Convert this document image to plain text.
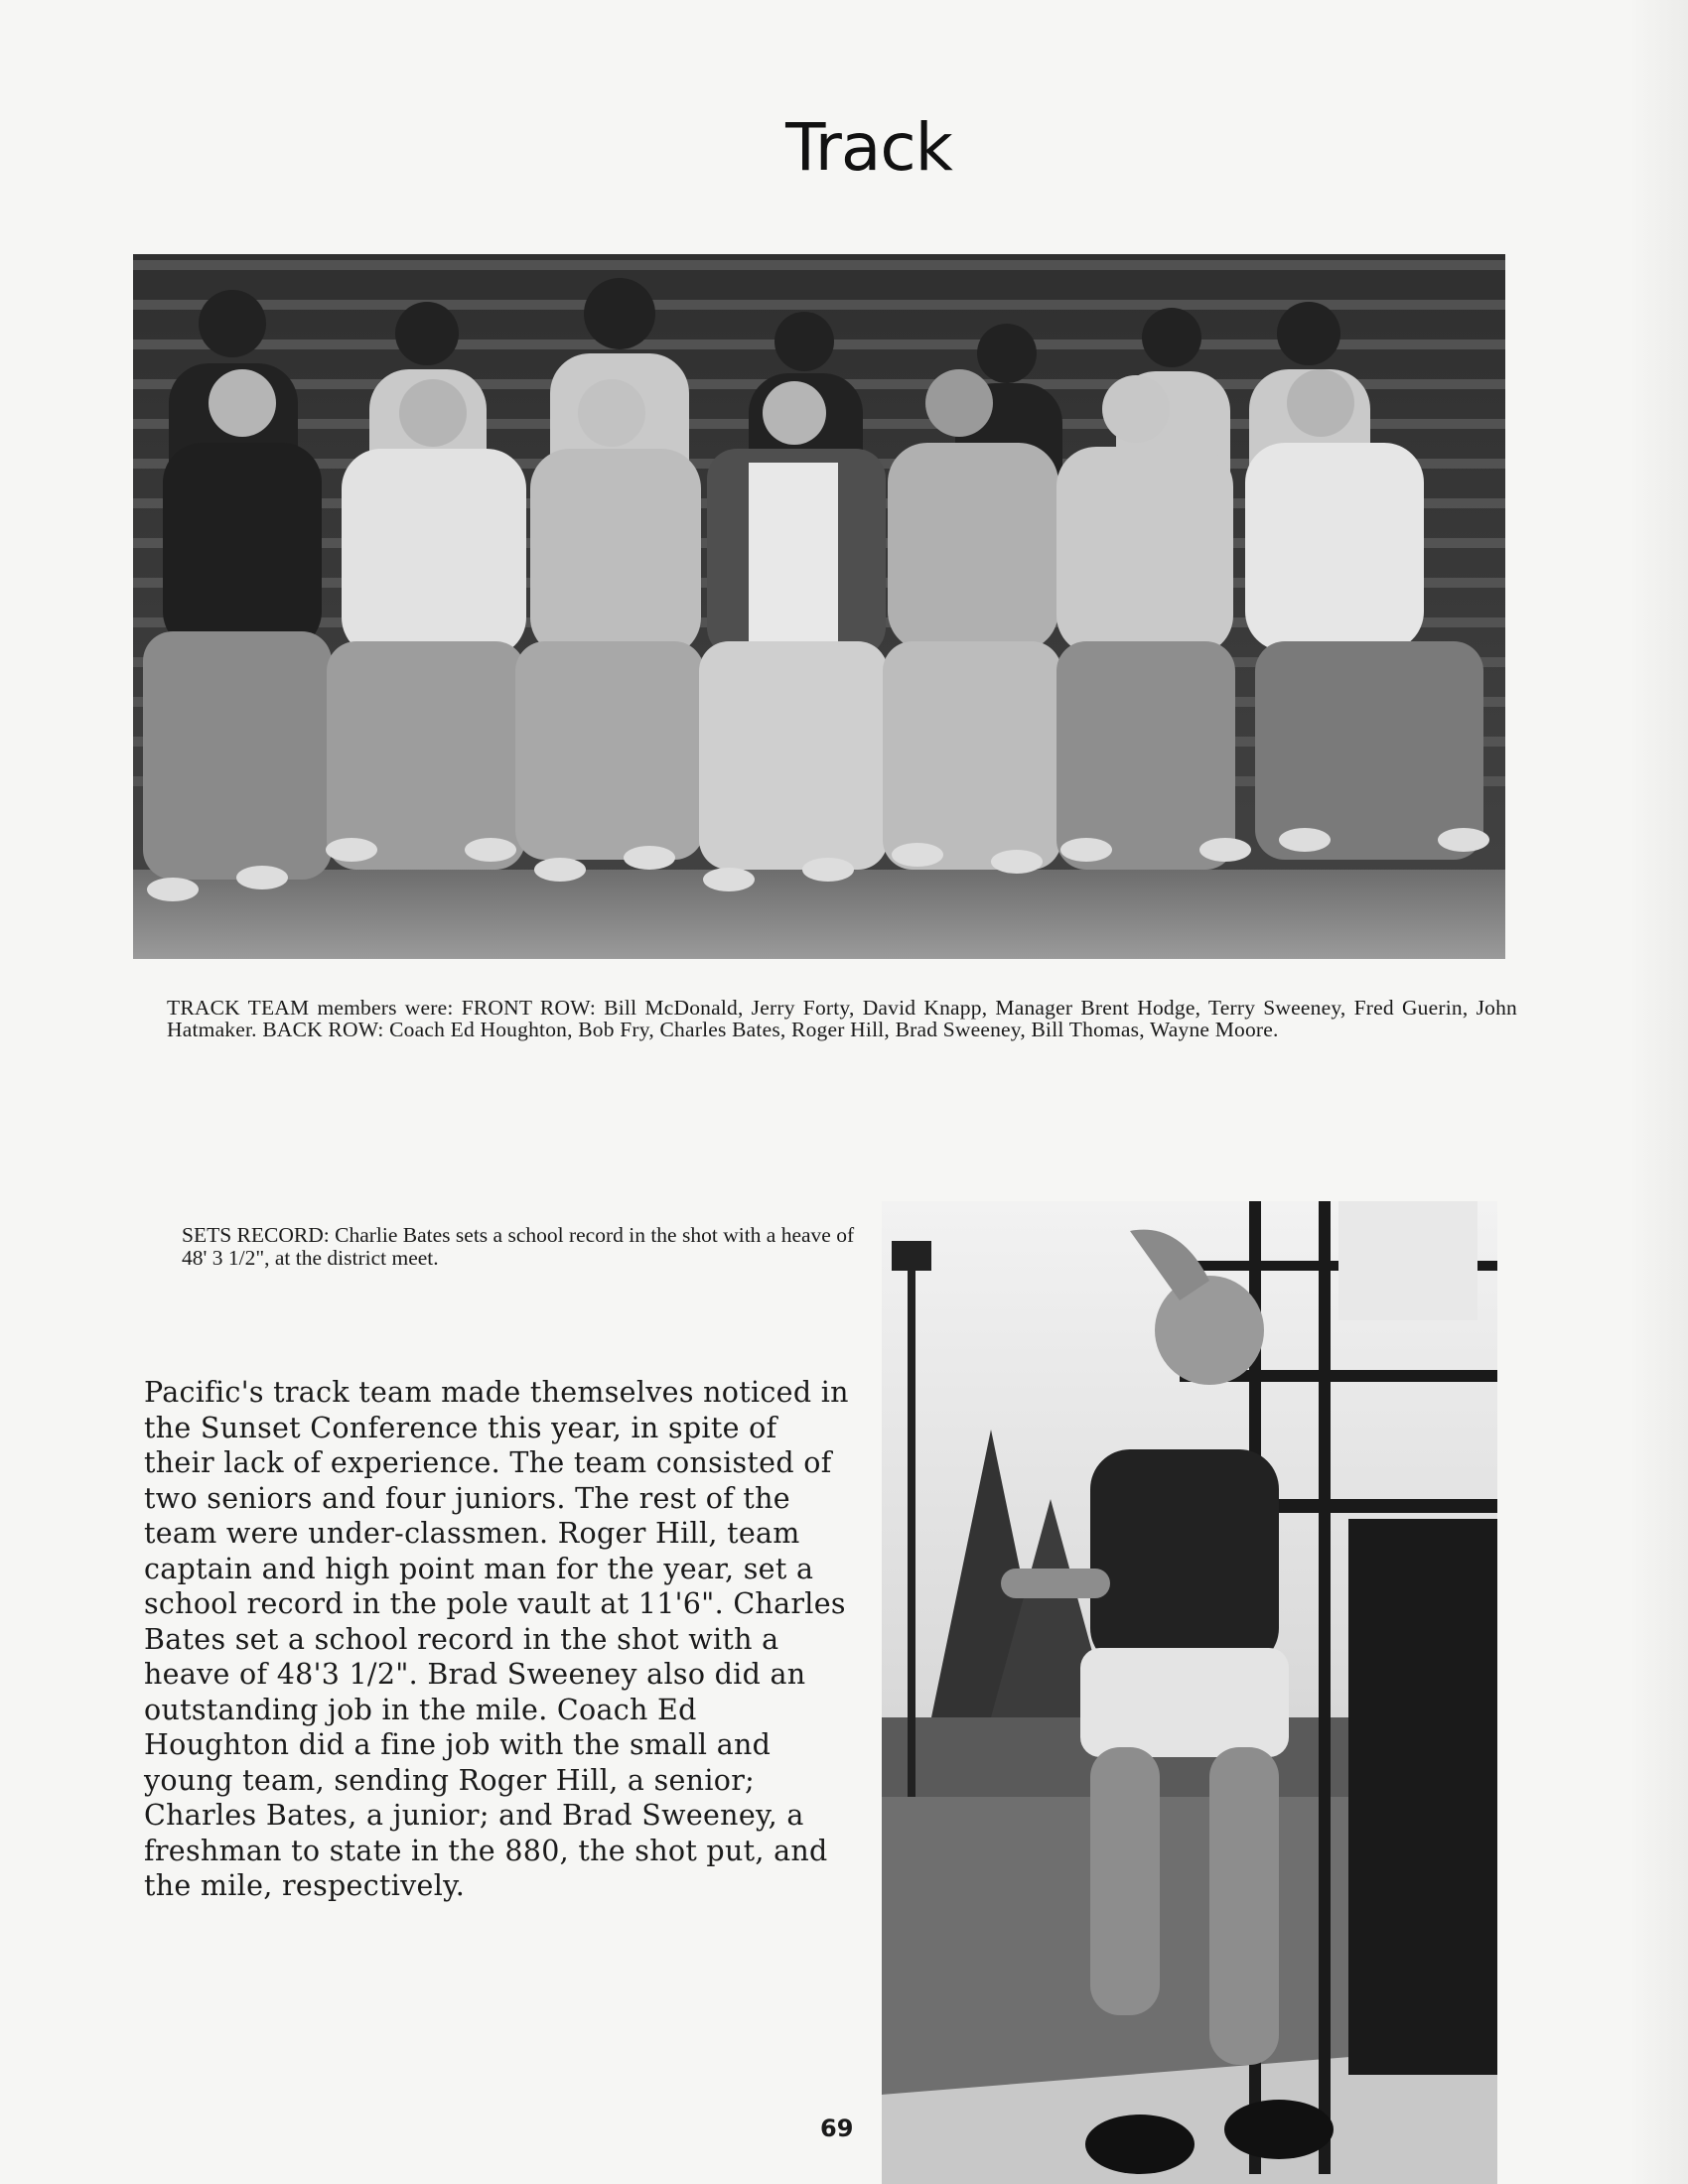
Track
TRACK TEAM members were: FRONT ROW: Bill McDonald, Jerry Forty, David Knapp, Manager Brent Hodge, Terry Sweeney, Fred Guerin, John Hatmaker. BACK ROW: Coach Ed Houghton, Bob Fry, Charles Bates, Roger Hill, Brad Sweeney, Bill Thomas, Wayne Moore.
SETS RECORD: Charlie Bates sets a school record in the shot with a heave of 48' 3 1/2", at the district meet.
Pacific's track team made themselves noticed in the Sunset Conference this year, in spite of their lack of experience. The team consisted of two seniors and four juniors. The rest of the team were under-classmen. Roger Hill, team captain and high point man for the year, set a school record in the pole vault at 11'6". Charles Bates set a school record in the shot with a heave of 48'3 1/2". Brad Sweeney also did an outstanding job in the mile. Coach Ed Houghton did a fine job with the small and young team, sending Roger Hill, a senior; Charles Bates, a junior; and Brad Sweeney, a freshman to state in the 880, the shot put, and the mile, respectively.
69
